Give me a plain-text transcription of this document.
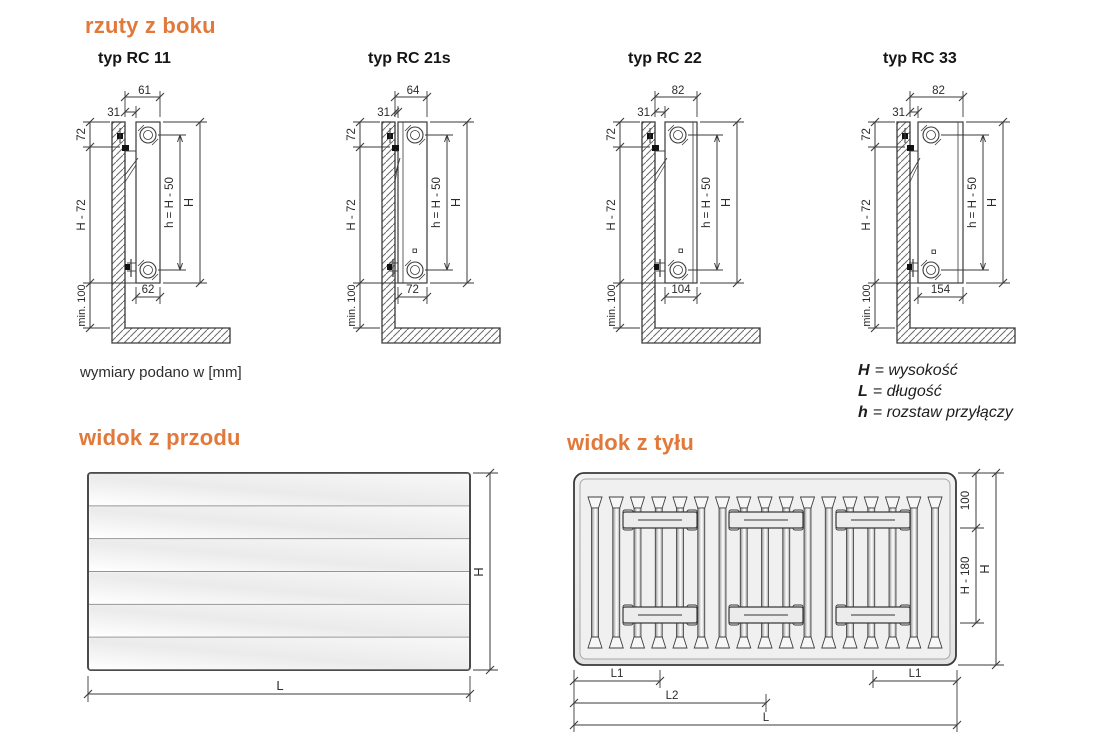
rzuty z boku
typ RC 11
61
31
72
H - 72
min. 100
h = H - 50 H
62
typ RC 21s
64
31
72
H - 72
min. 100
h = H - 50 H
72
typ RC 22
82
31
72
H - 72
min. 100
h = H - 50 H
104
typ RC 33
82
31
72
H - 72
min. 100
h = H - 50 H
154
wymiary podano w [mm]	H = wysokość
L = długość
h = rozstaw przyłączy
widok z przodu	widok z tyłu
H
L
100
H - 180 H
L1	L1
L2
L
